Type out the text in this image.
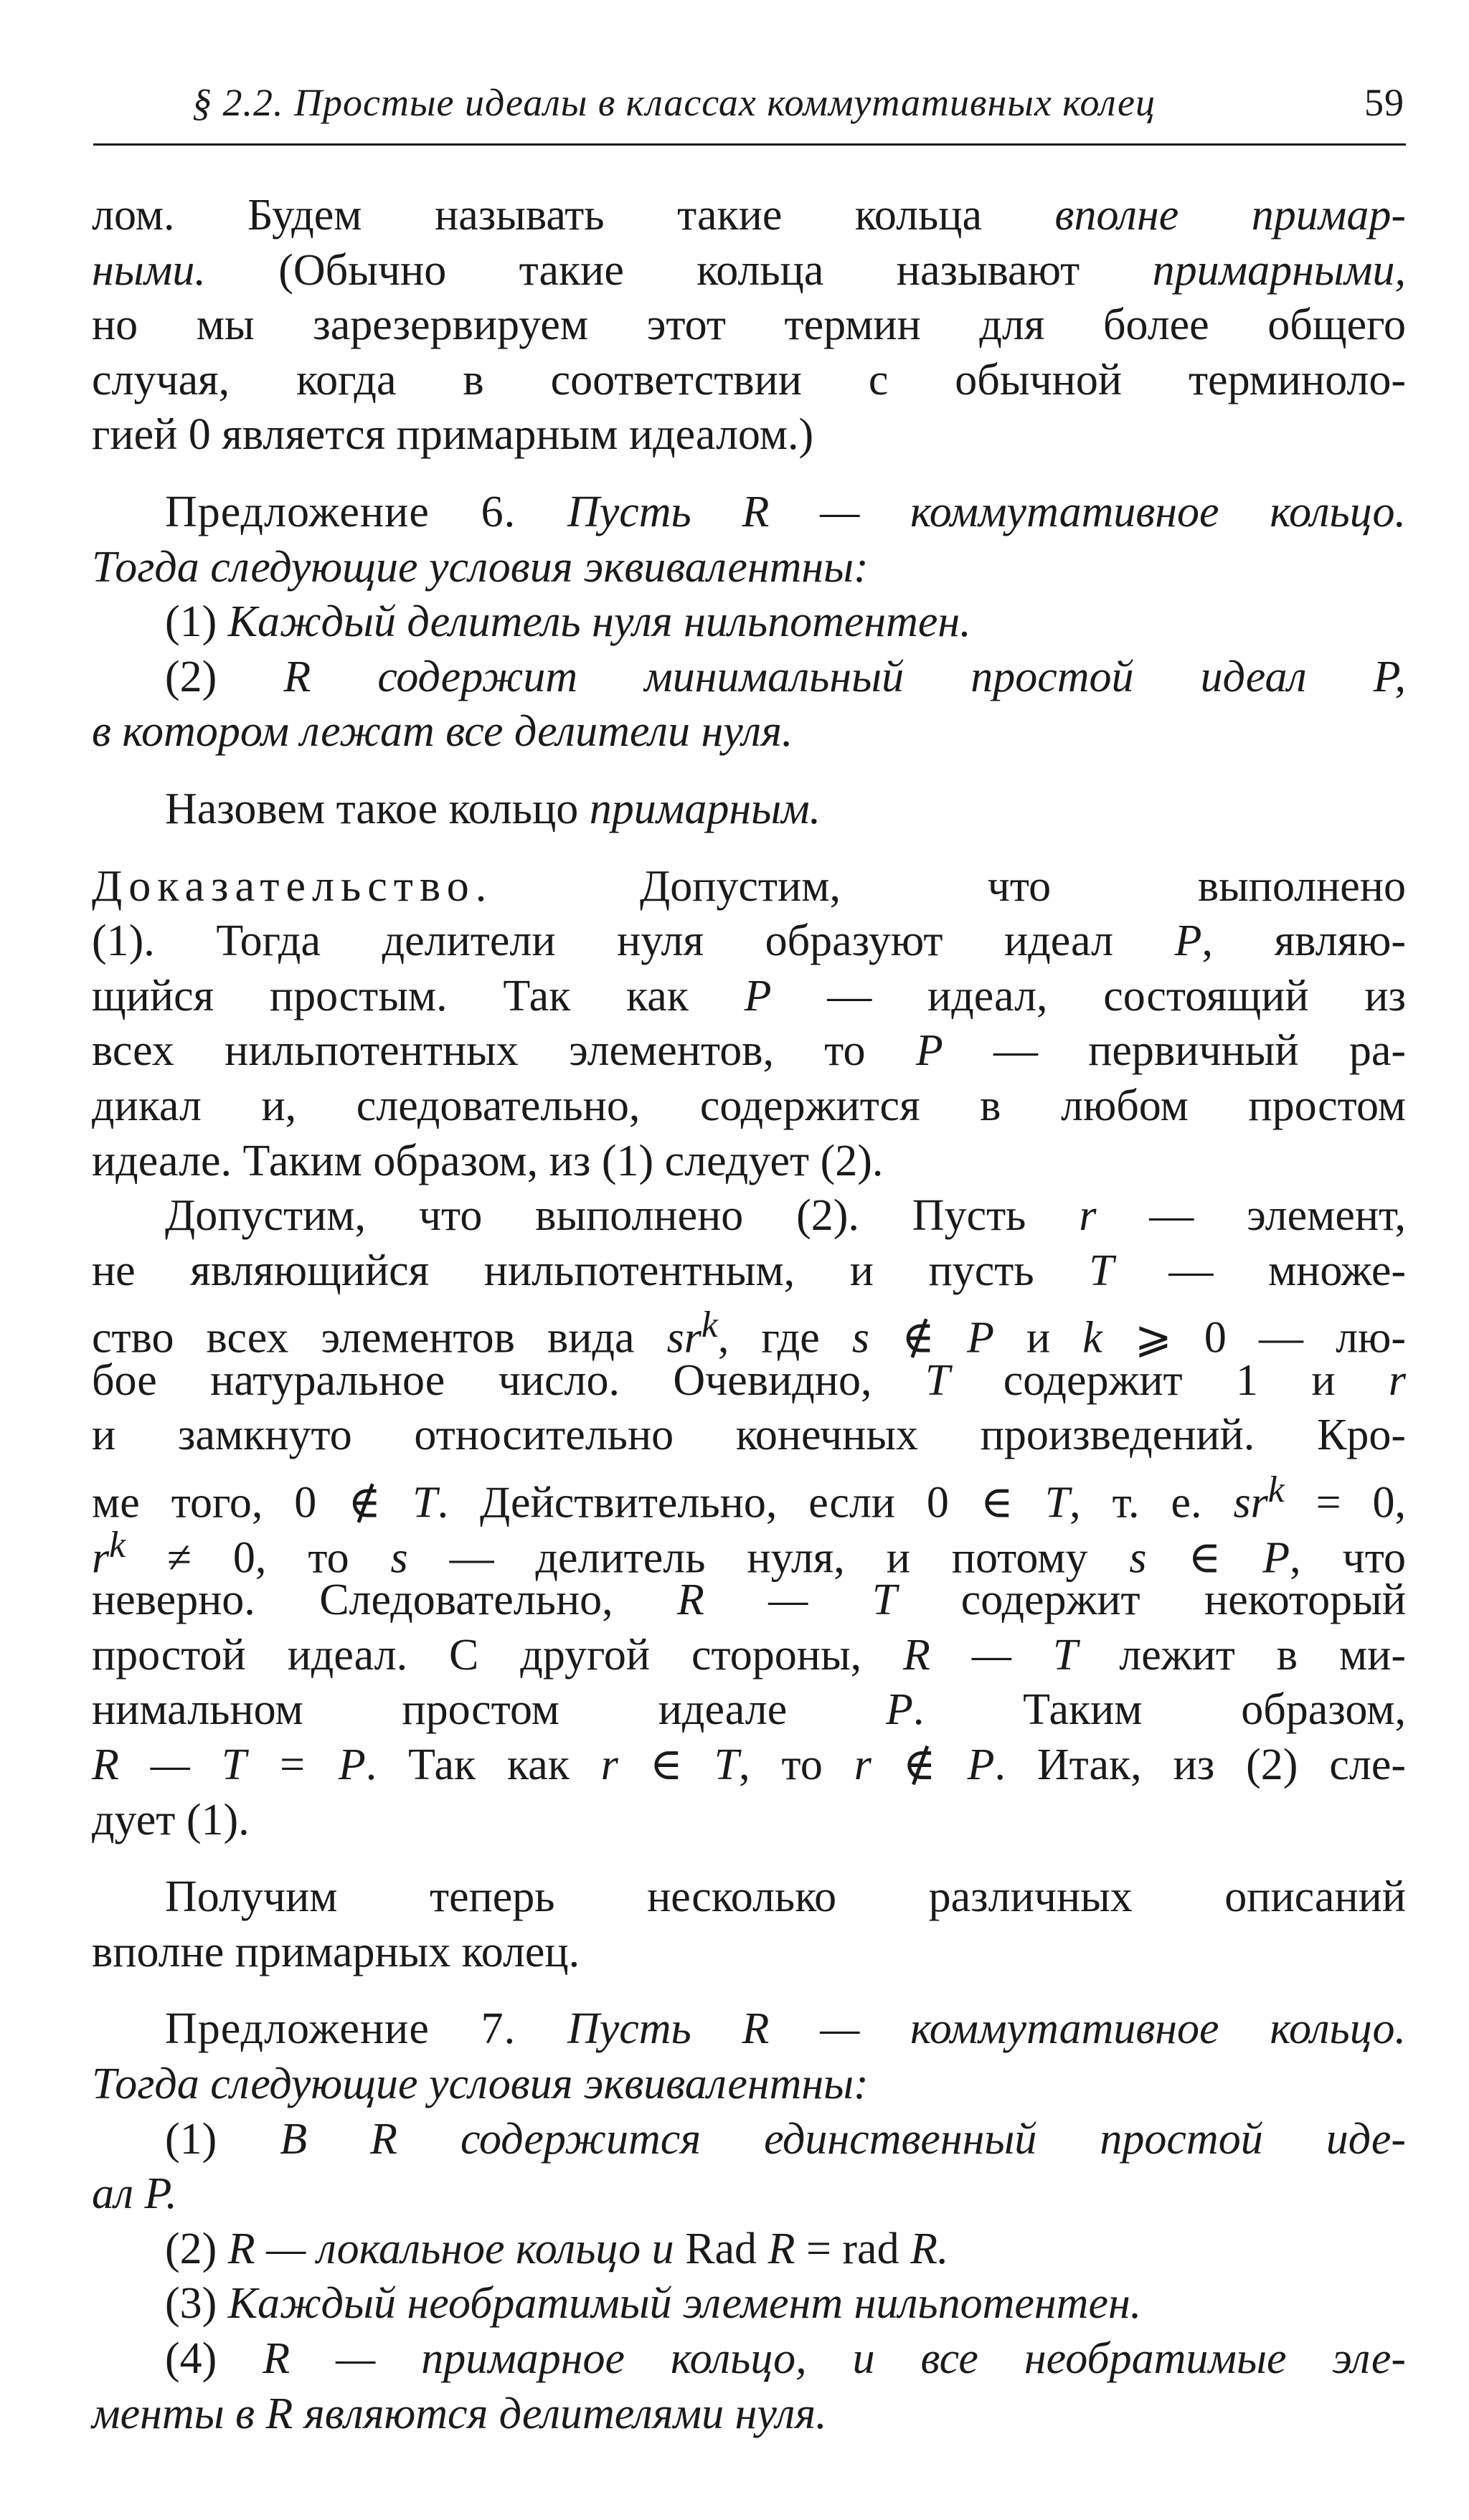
§ 2.2. Простые идеалы в классах коммутативных колец	59
лом. Будем называть такие кольца вполне примар-
ными. (Обычно такие кольца называют примарными,
но мы зарезервируем этот термин для более общего
случая, когда в соответствии с обычной терминоло-
гией 0 является примарным идеалом.)
Предложение 6. Пусть R — коммутативное кольцо.
Тогда следующие условия эквивалентны:
(1) Каждый делитель нуля нильпотентен.
(2) R содержит минимальный простой идеал P,
в котором лежат все делители нуля.
Назовем такое кольцо примарным.
Доказательство. Допустим, что выполнено
(1). Тогда делители нуля образуют идеал P, являю-
щийся простым. Так как P — идеал, состоящий из
всех нильпотентных элементов, то P — первичный ра-
дикал и, следовательно, содержится в любом простом
идеале. Таким образом, из (1) следует (2).
Допустим, что выполнено (2). Пусть r — элемент,
не являющийся нильпотентным, и пусть T — множе-
ство всех элементов вида $sr^k$, где s ∉ P и k ⩾ 0 — лю-
бое натуральное число. Очевидно, T содержит 1 и r
и замкнуто относительно конечных произведений. Кро-
ме того, 0 ∉ T. Действительно, если 0 ∈ T, т. е. $sr^k = 0$,
$r^k \ne 0$, то s — делитель нуля, и потому s ∈ P, что
неверно. Следовательно, R — T содержит некоторый
простой идеал. С другой стороны, R — T лежит в ми-
нимальном простом идеале P. Таким образом,
R — T = P. Так как r ∈ T, то r ∉ P. Итак, из (2) сле-
дует (1).
Получим теперь несколько различных описаний
вполне примарных колец.
Предложение 7. Пусть R — коммутативное кольцо.
Тогда следующие условия эквивалентны:
(1) В R содержится единственный простой иде-
ал P.
(2) R — локальное кольцо и Rad R = rad R.
(3) Каждый необратимый элемент нильпотентен.
(4) R — примарное кольцо, и все необратимые эле-
менты в R являются делителями нуля.
